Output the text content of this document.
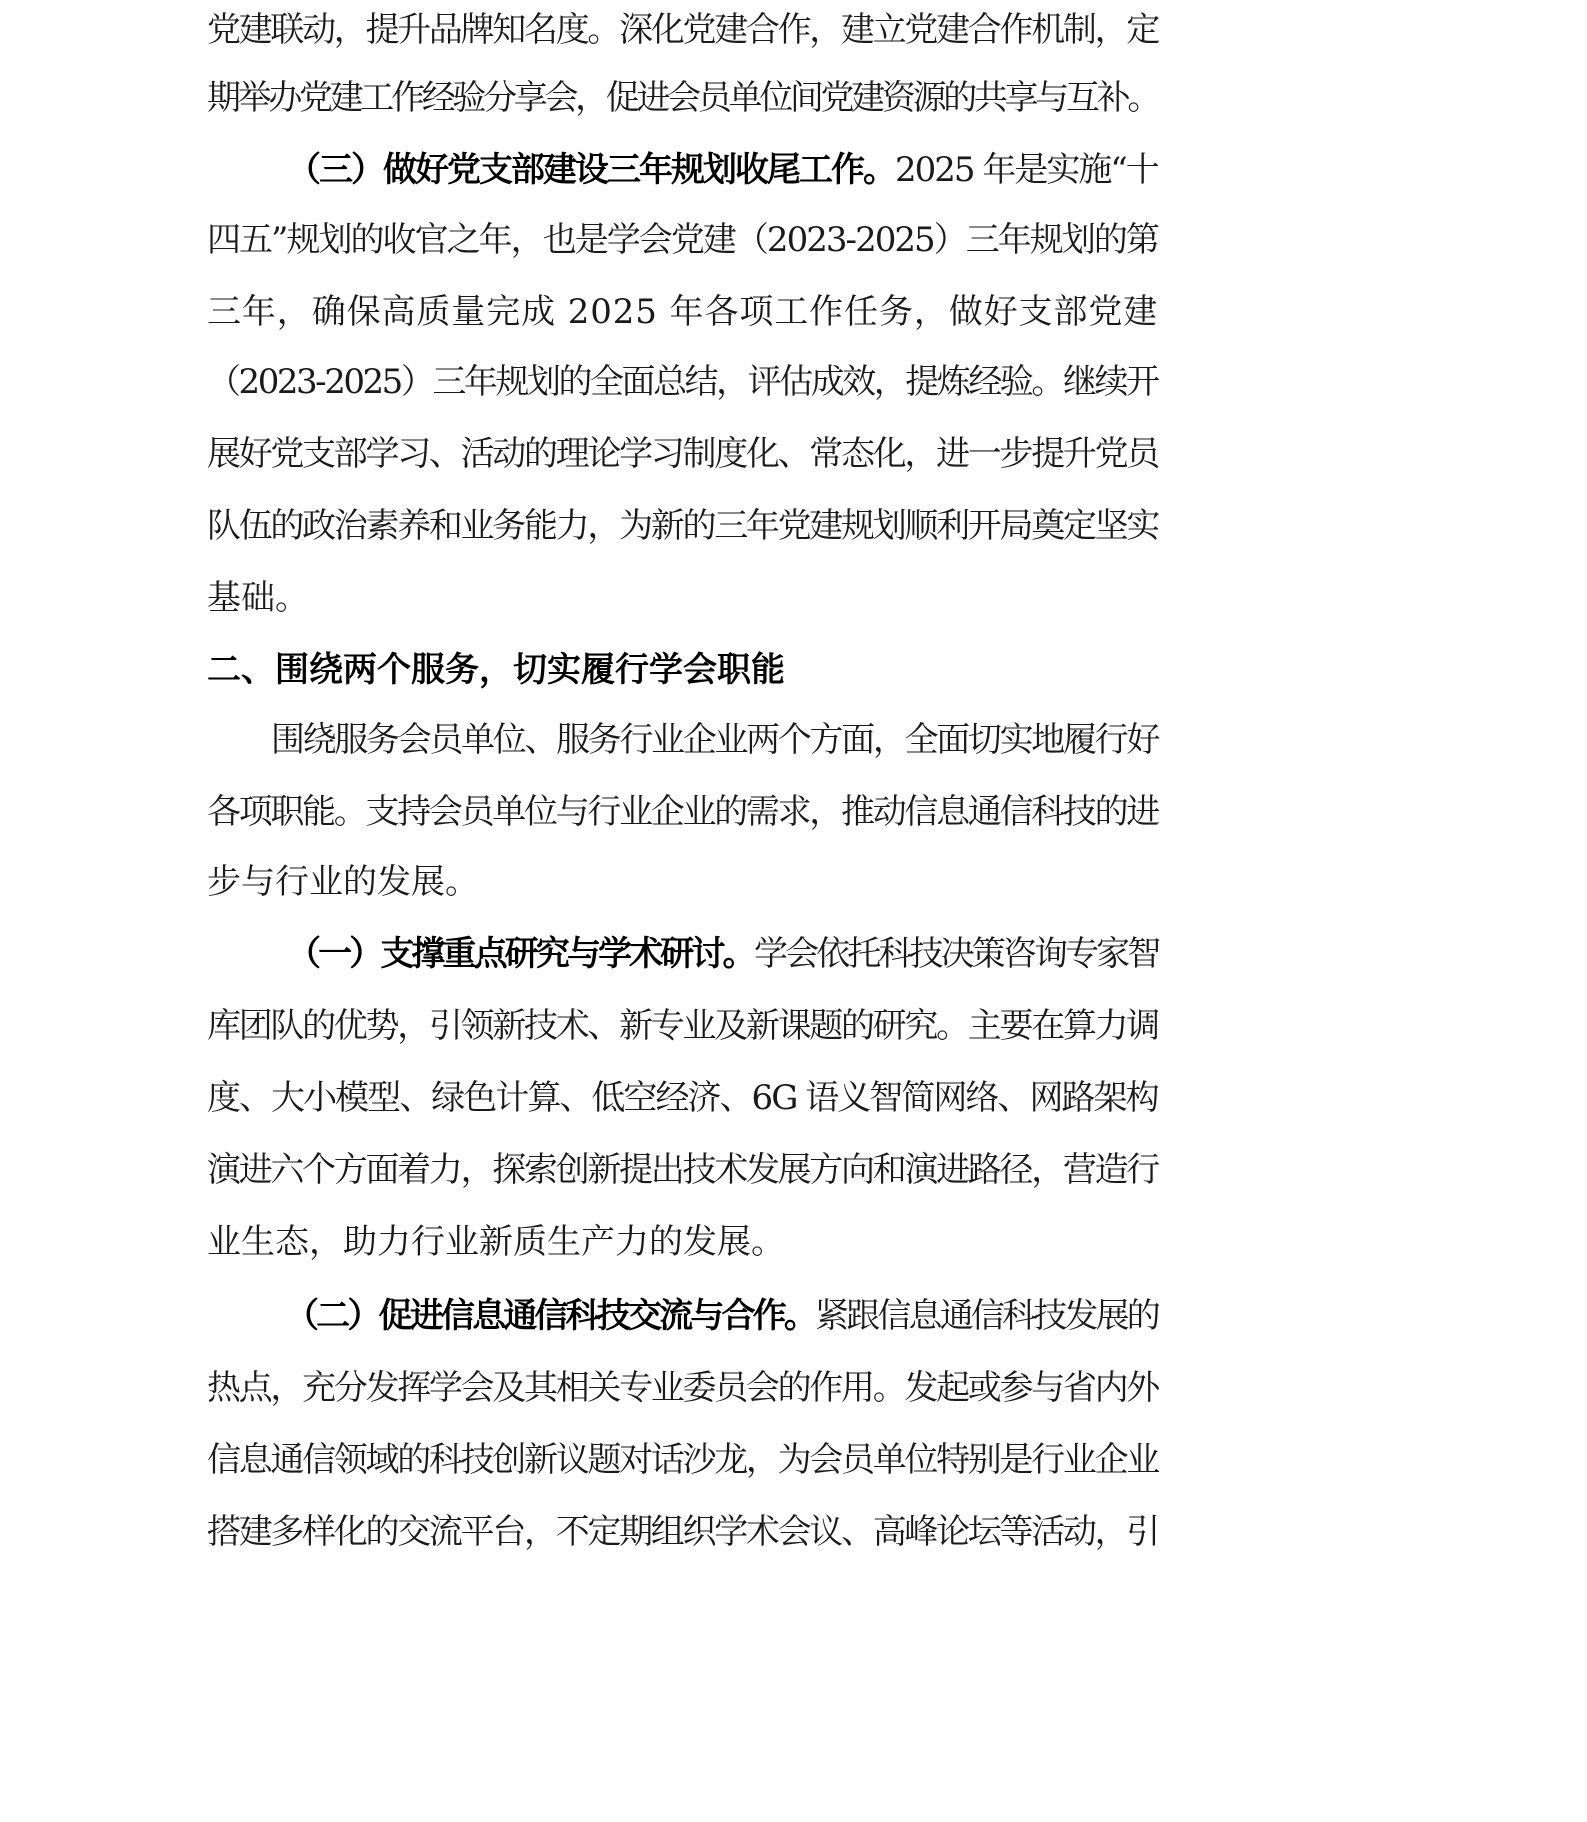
党建联动，提升品牌知名度。深化党建合作，建立党建合作机制，定
期举办党建工作经验分享会，促进会员单位间党建资源的共享与互补。
（三）做好党支部建设三年规划收尾工作。 2025 年是实施“十
四五”规划的收官之年，也是学会党建（2023-2025）三年规划的第
三年，确保高质量完成 2025 年各项工作任务，做好支部党建
（2023-2025）三年规划的全面总结，评估成效，提炼经验。继续开
展好党支部学习、活动的理论学习制度化、常态化，进一步提升党员
队伍的政治素养和业务能力，为新的三年党建规划顺利开局奠定坚实
基础。
二、围绕两个服务，切实履行学会职能
围绕服务会员单位、服务行业企业两个方面，全面切实地履行好
各项职能。支持会员单位与行业企业的需求，推动信息通信科技的进
步与行业的发展。
（一）支撑重点研究与学术研讨。 学会依托科技决策咨询专家智
库团队的优势，引领新技术、新专业及新课题的研究。主要在算力调
度、大小模型、绿色计算、低空经济、6G 语义智简网络、网路架构
演进六个方面着力，探索创新提出技术发展方向和演进路径，营造行
业生态，助力行业新质生产力的发展。
（二）促进信息通信科技交流与合作。 紧跟信息通信科技发展的
热点，充分发挥学会及其相关专业委员会的作用。发起或参与省内外
信息通信领域的科技创新议题对话沙龙，为会员单位特别是行业企业
搭建多样化的交流平台，不定期组织学术会议、高峰论坛等活动，引
